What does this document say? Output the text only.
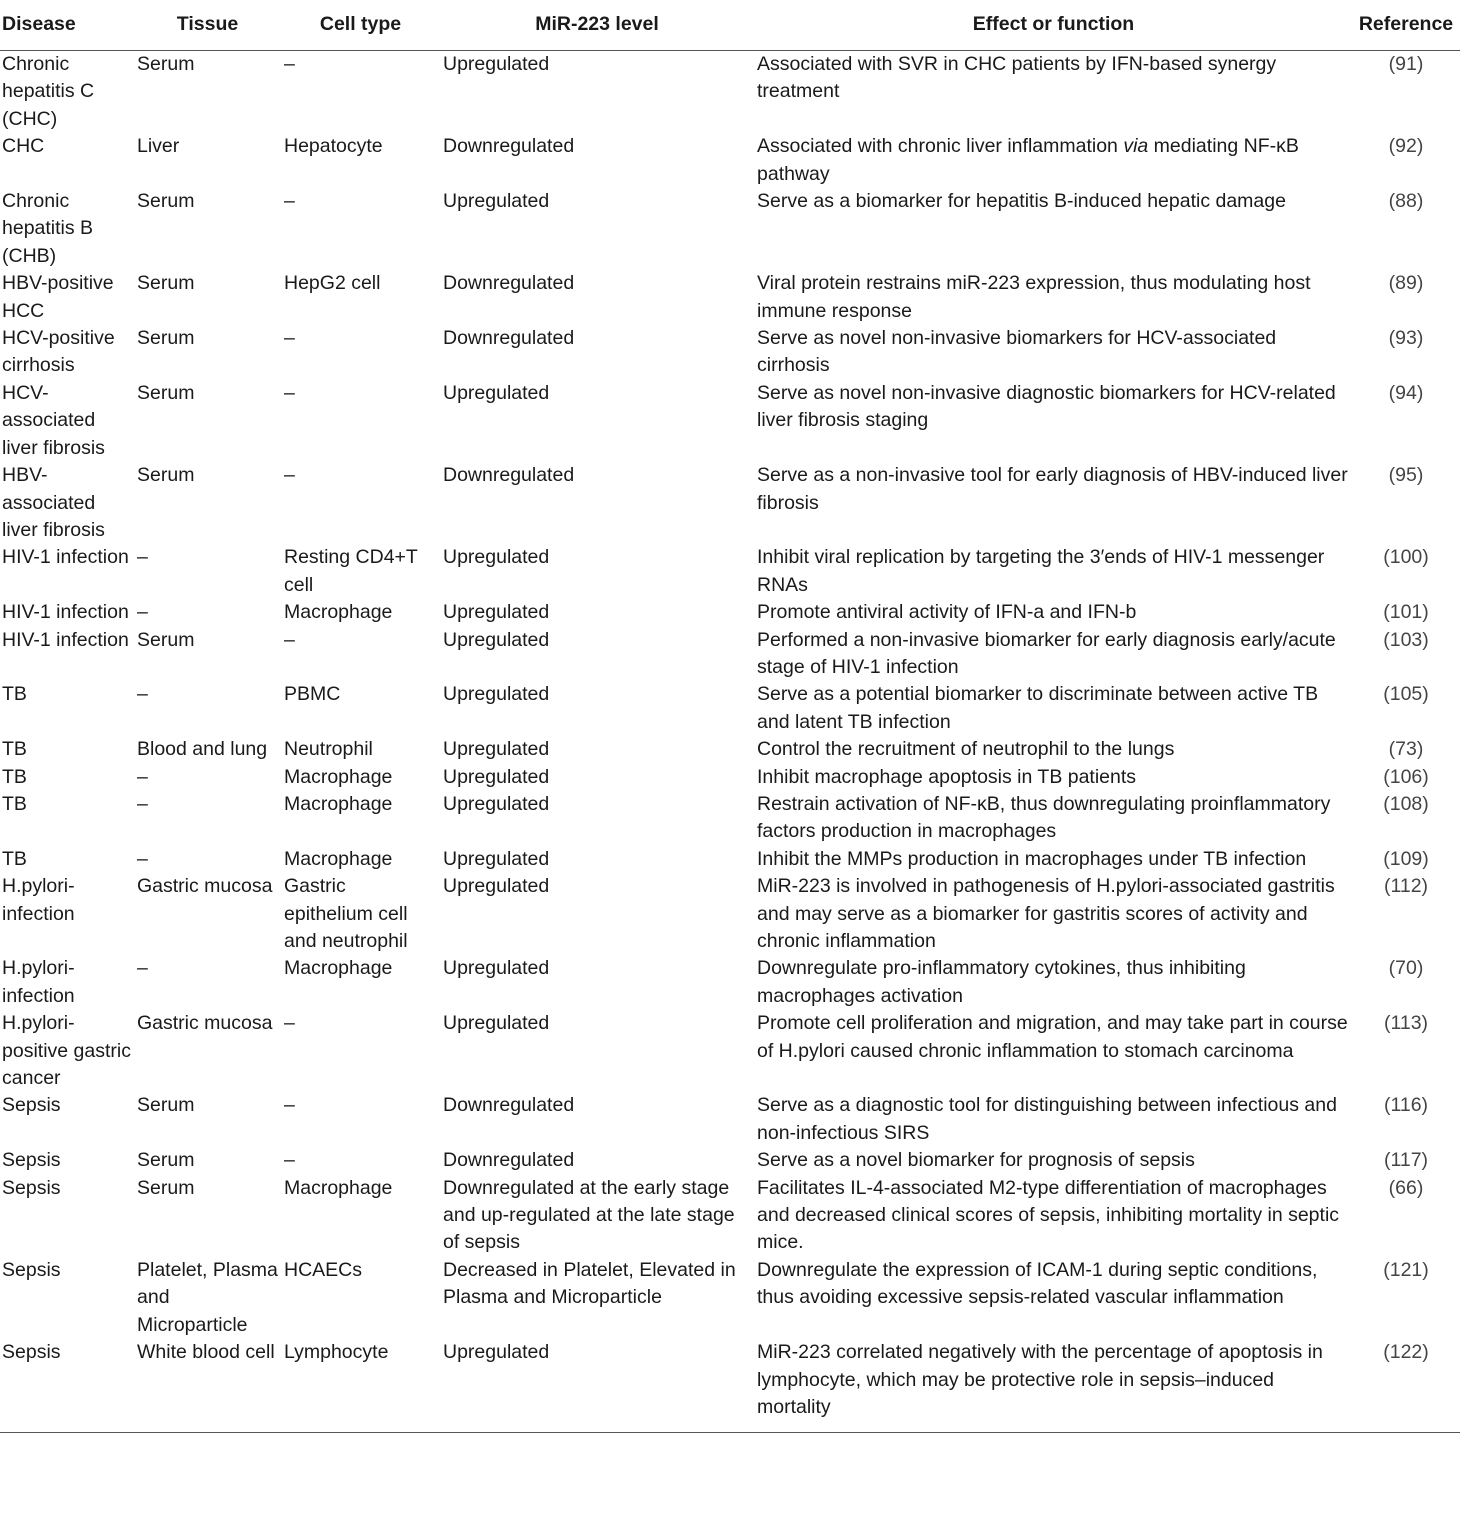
Disease	Tissue	Cell type	MiR-223 level	Effect or function	Reference
Chronic hepatitis C (CHC)	Serum	–	Upregulated	Associated with SVR in CHC patients by IFN-based synergy treatment	(91)
CHC	Liver	Hepatocyte	Downregulated	Associated with chronic liver inflammation via mediating NF-κB pathway	(92)
Chronic hepatitis B (CHB)	Serum	–	Upregulated	Serve as a biomarker for hepatitis B-induced hepatic damage	(88)
HBV-positive HCC	Serum	HepG2 cell	Downregulated	Viral protein restrains miR-223 expression, thus modulating host immune response	(89)
HCV-positive cirrhosis	Serum	–	Downregulated	Serve as novel non-invasive biomarkers for HCV-associated cirrhosis	(93)
HCV-associated liver fibrosis	Serum	–	Upregulated	Serve as novel non-invasive diagnostic biomarkers for HCV-related liver fibrosis staging	(94)
HBV-associated liver fibrosis	Serum	–	Downregulated	Serve as a non-invasive tool for early diagnosis of HBV-induced liver fibrosis	(95)
HIV-1 infection	–	Resting CD4+T cell	Upregulated	Inhibit viral replication by targeting the 3′ends of HIV-1 messenger RNAs	(100)
HIV-1 infection	–	Macrophage	Upregulated	Promote antiviral activity of IFN-a and IFN-b	(101)
HIV-1 infection	Serum	–	Upregulated	Performed a non-invasive biomarker for early diagnosis early/acute stage of HIV-1 infection	(103)
TB	–	PBMC	Upregulated	Serve as a potential biomarker to discriminate between active TB and latent TB infection	(105)
TB	Blood and lung	Neutrophil	Upregulated	Control the recruitment of neutrophil to the lungs	(73)
TB	–	Macrophage	Upregulated	Inhibit macrophage apoptosis in TB patients	(106)
TB	–	Macrophage	Upregulated	Restrain activation of NF-κB, thus downregulating proinflammatory factors production in macrophages	(108)
TB	–	Macrophage	Upregulated	Inhibit the MMPs production in macrophages under TB infection	(109)
H.pylori-infection	Gastric mucosa	Gastric epithelium cell and neutrophil	Upregulated	MiR-223 is involved in pathogenesis of H.pylori-associated gastritis and may serve as a biomarker for gastritis scores of activity and chronic inflammation	(112)
H.pylori-infection	–	Macrophage	Upregulated	Downregulate pro-inflammatory cytokines, thus inhibiting macrophages activation	(70)
H.pylori-positive gastric cancer	Gastric mucosa	–	Upregulated	Promote cell proliferation and migration, and may take part in course of H.pylori caused chronic inflammation to stomach carcinoma	(113)
Sepsis	Serum	–	Downregulated	Serve as a diagnostic tool for distinguishing between infectious and non-infectious SIRS	(116)
Sepsis	Serum	–	Downregulated	Serve as a novel biomarker for prognosis of sepsis	(117)
Sepsis	Serum	Macrophage	Downregulated at the early stage and up-regulated at the late stage of sepsis	Facilitates IL-4-associated M2-type differentiation of macrophages and decreased clinical scores of sepsis, inhibiting mortality in septic mice.	(66)
Sepsis	Platelet, Plasma and Microparticle	HCAECs	Decreased in Platelet, Elevated in Plasma and Microparticle	Downregulate the expression of ICAM-1 during septic conditions, thus avoiding excessive sepsis-related vascular inflammation	(121)
Sepsis	White blood cell	Lymphocyte	Upregulated	MiR-223 correlated negatively with the percentage of apoptosis in lymphocyte, which may be protective role in sepsis–induced mortality	(122)
